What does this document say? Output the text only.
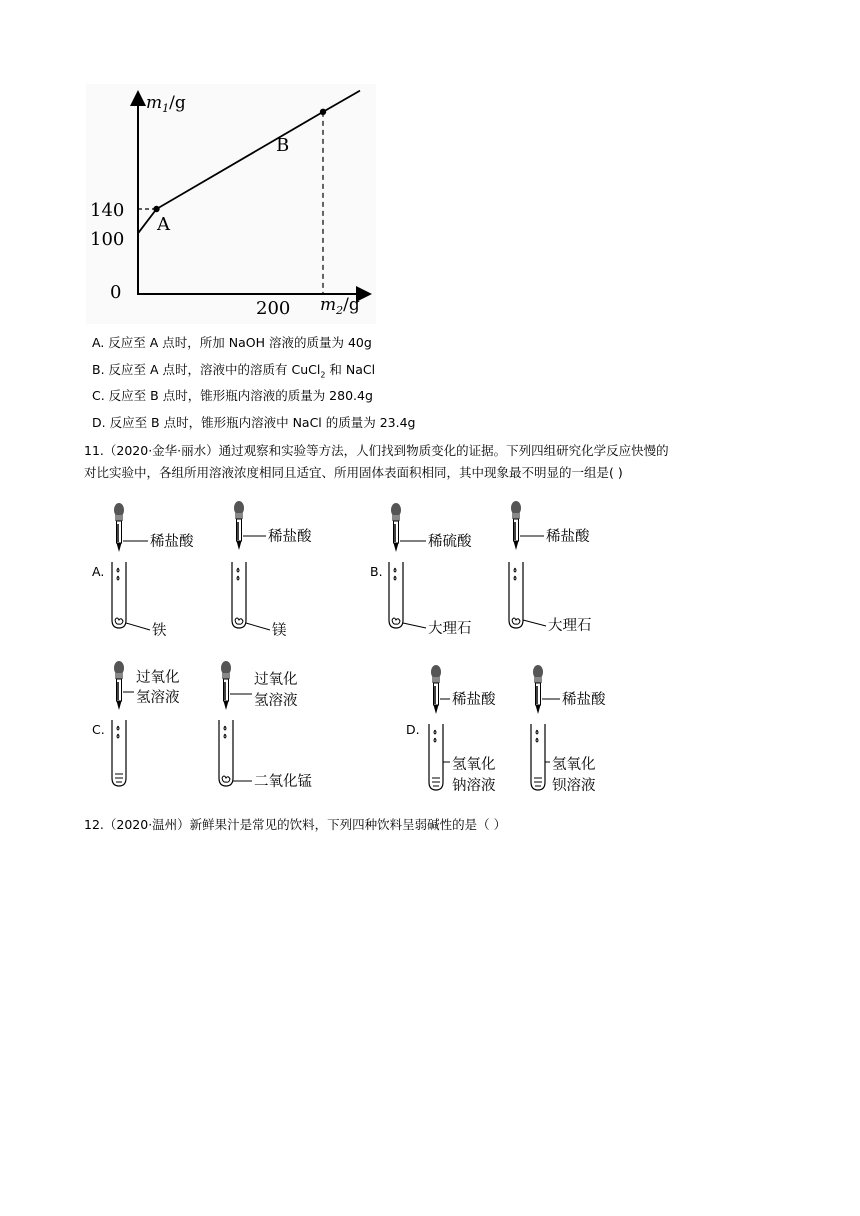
$m_1/g$
$m_2/g$
0
140
100
200
A
B
A. 反应至 A 点时，所加 NaOH 溶液的质量为 40g
B. 反应至 A 点时，溶液中的溶质有 CuCl$_2$ 和 NaCl
C. 反应至 B 点时，锥形瓶内溶液的质量为 280.4g
D. 反应至 B 点时，锥形瓶内溶液中 NaCl 的质量为 23.4g
11.（2020·金华·丽水）通过观察和实验等方法，人们找到物质变化的证据。下列四组研究化学反应快慢的
对比实验中，各组所用溶液浓度相同且适宜、所用固体表面积相同，其中现象最不明显的一组是( )
A.
稀盐酸
铁
稀盐酸
镁
B.
稀硫酸
大理石
稀盐酸
大理石
C.
过氧化
氢溶液
过氧化
氢溶液
二氧化锰
D.
稀盐酸
氢氧化
钠溶液
稀盐酸
氢氧化
钡溶液
12.（2020·温州）新鲜果汁是常见的饮料，下列四种饮料呈弱碱性的是（ ）
